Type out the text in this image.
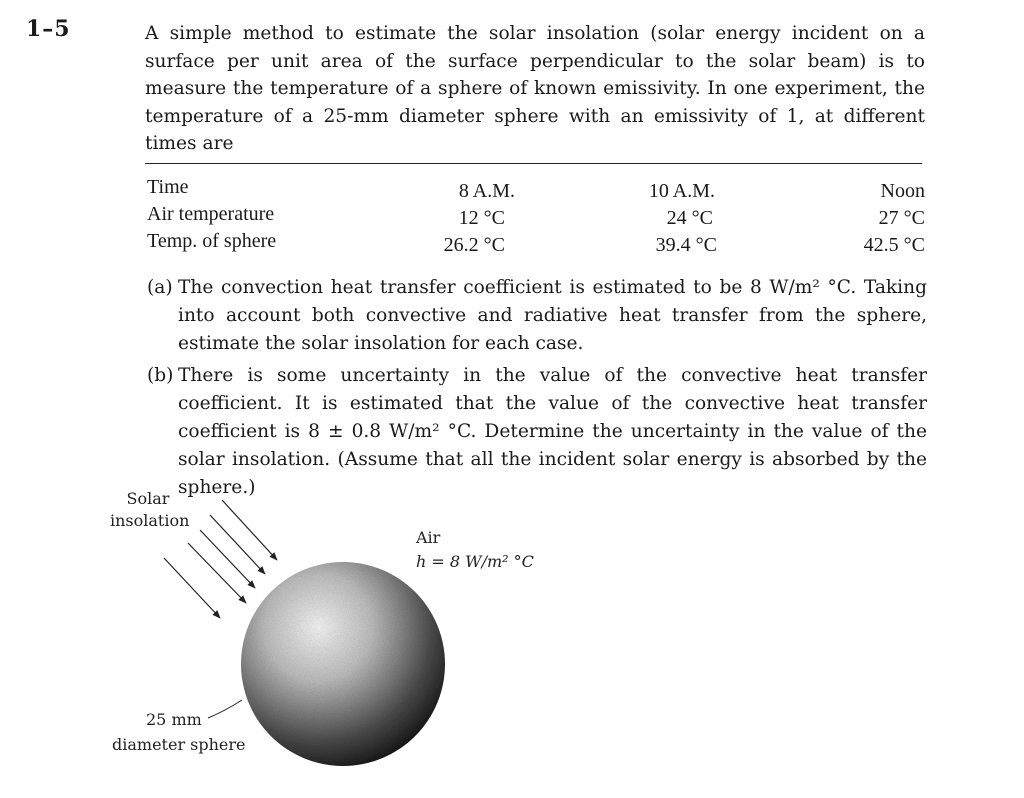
1–5	A simple method to estimate the solar insolation (solar energy incident on a surface per unit area of the surface perpendicular to the solar beam) is to measure the temperature of a sphere of known emissivity. In one experiment, the temperature of a 25-mm diameter sphere with an emissivity of 1, at different times are
Time	8 A.M.	10 A.M.	Noon
Air temperature	12 °C	24 °C	27 °C
Temp. of sphere	26.2 °C	39.4 °C	42.5 °C
(a) The convection heat transfer coefficient is estimated to be 8 W/m² °C. Taking into account both convective and radiative heat transfer from the sphere, estimate the solar insolation for each case.
(b) There is some uncertainty in the value of the convective heat transfer coefficient. It is estimated that the value of the convective heat transfer coefficient is 8 ± 0.8 W/m² °C. Determine the uncertainty in the value of the solar insolation. (Assume that all the incident solar energy is absorbed by the sphere.)
Solar
insolation
Air
h = 8 W/m² °C
25 mm
diameter sphere
